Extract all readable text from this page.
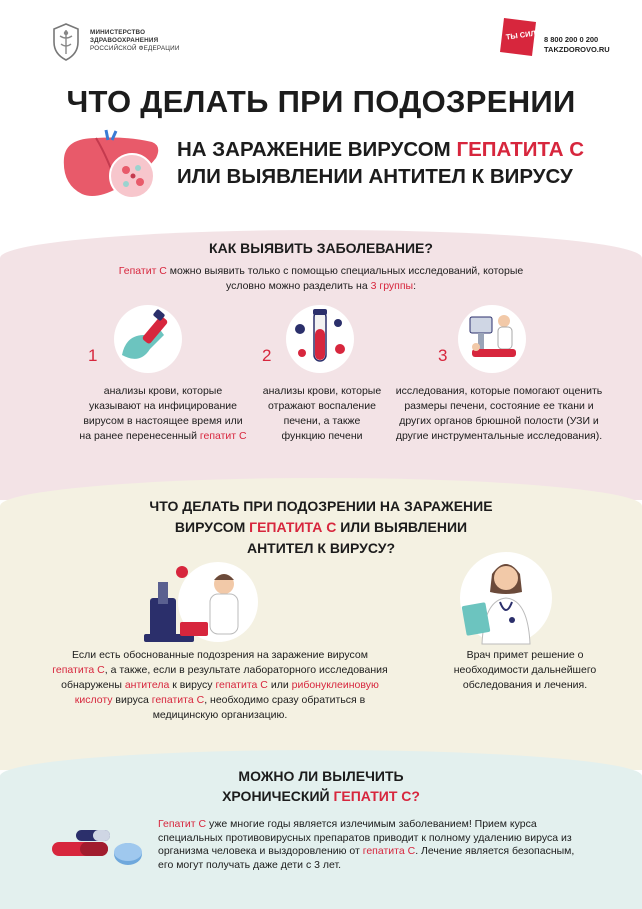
МИНИСТЕРСТВО
ЗДРАВООХРАНЕНИЯ
РОССИЙСКОЙ ФЕДЕРАЦИИ
ТЫ СИЛЬНЕЕ
8 800 200 0 200
TAKZDOROVO.RU
ЧТО ДЕЛАТЬ ПРИ ПОДОЗРЕНИИ
НА ЗАРАЖЕНИЕ ВИРУСОМ ГЕПАТИТА С
ИЛИ ВЫЯВЛЕНИИ АНТИТЕЛ К ВИРУСУ
КАК ВЫЯВИТЬ ЗАБОЛЕВАНИЕ?
Гепатит С можно выявить только с помощью специальных исследований, которые условно можно разделить на 3 группы:
1
анализы крови, которые указывают на инфицирование вирусом в настоящее время или на ранее перенесенный гепатит С
2
анализы крови, которые отражают воспаление печени, а также функцию печени
3
исследования, которые помогают оценить размеры печени, состояние ее ткани и других органов брюшной полости (УЗИ и другие инструментальные исследования).
ЧТО ДЕЛАТЬ ПРИ ПОДОЗРЕНИИ НА ЗАРАЖЕНИЕ
ВИРУСОМ ГЕПАТИТА С ИЛИ ВЫЯВЛЕНИИ
АНТИТЕЛ К ВИРУСУ?
Если есть обоснованные подозрения на заражение вирусом гепатита С, а также, если в результате лабораторного исследования обнаружены антитела к вирусу гепатита С или рибонуклеиновую кислоту вируса гепатита С, необходимо сразу обратиться в медицинскую организацию.
Врач примет решение о необходимости дальнейшего обследования и лечения.
МОЖНО ЛИ ВЫЛЕЧИТЬ
ХРОНИЧЕСКИЙ ГЕПАТИТ С?
Гепатит С уже многие годы является излечимым заболеванием! Прием курса специальных противовирусных препаратов приводит к полному удалению вируса из организма человека и выздоровлению от гепатита С. Лечение является безопасным, его могут получать даже дети с 3 лет.
